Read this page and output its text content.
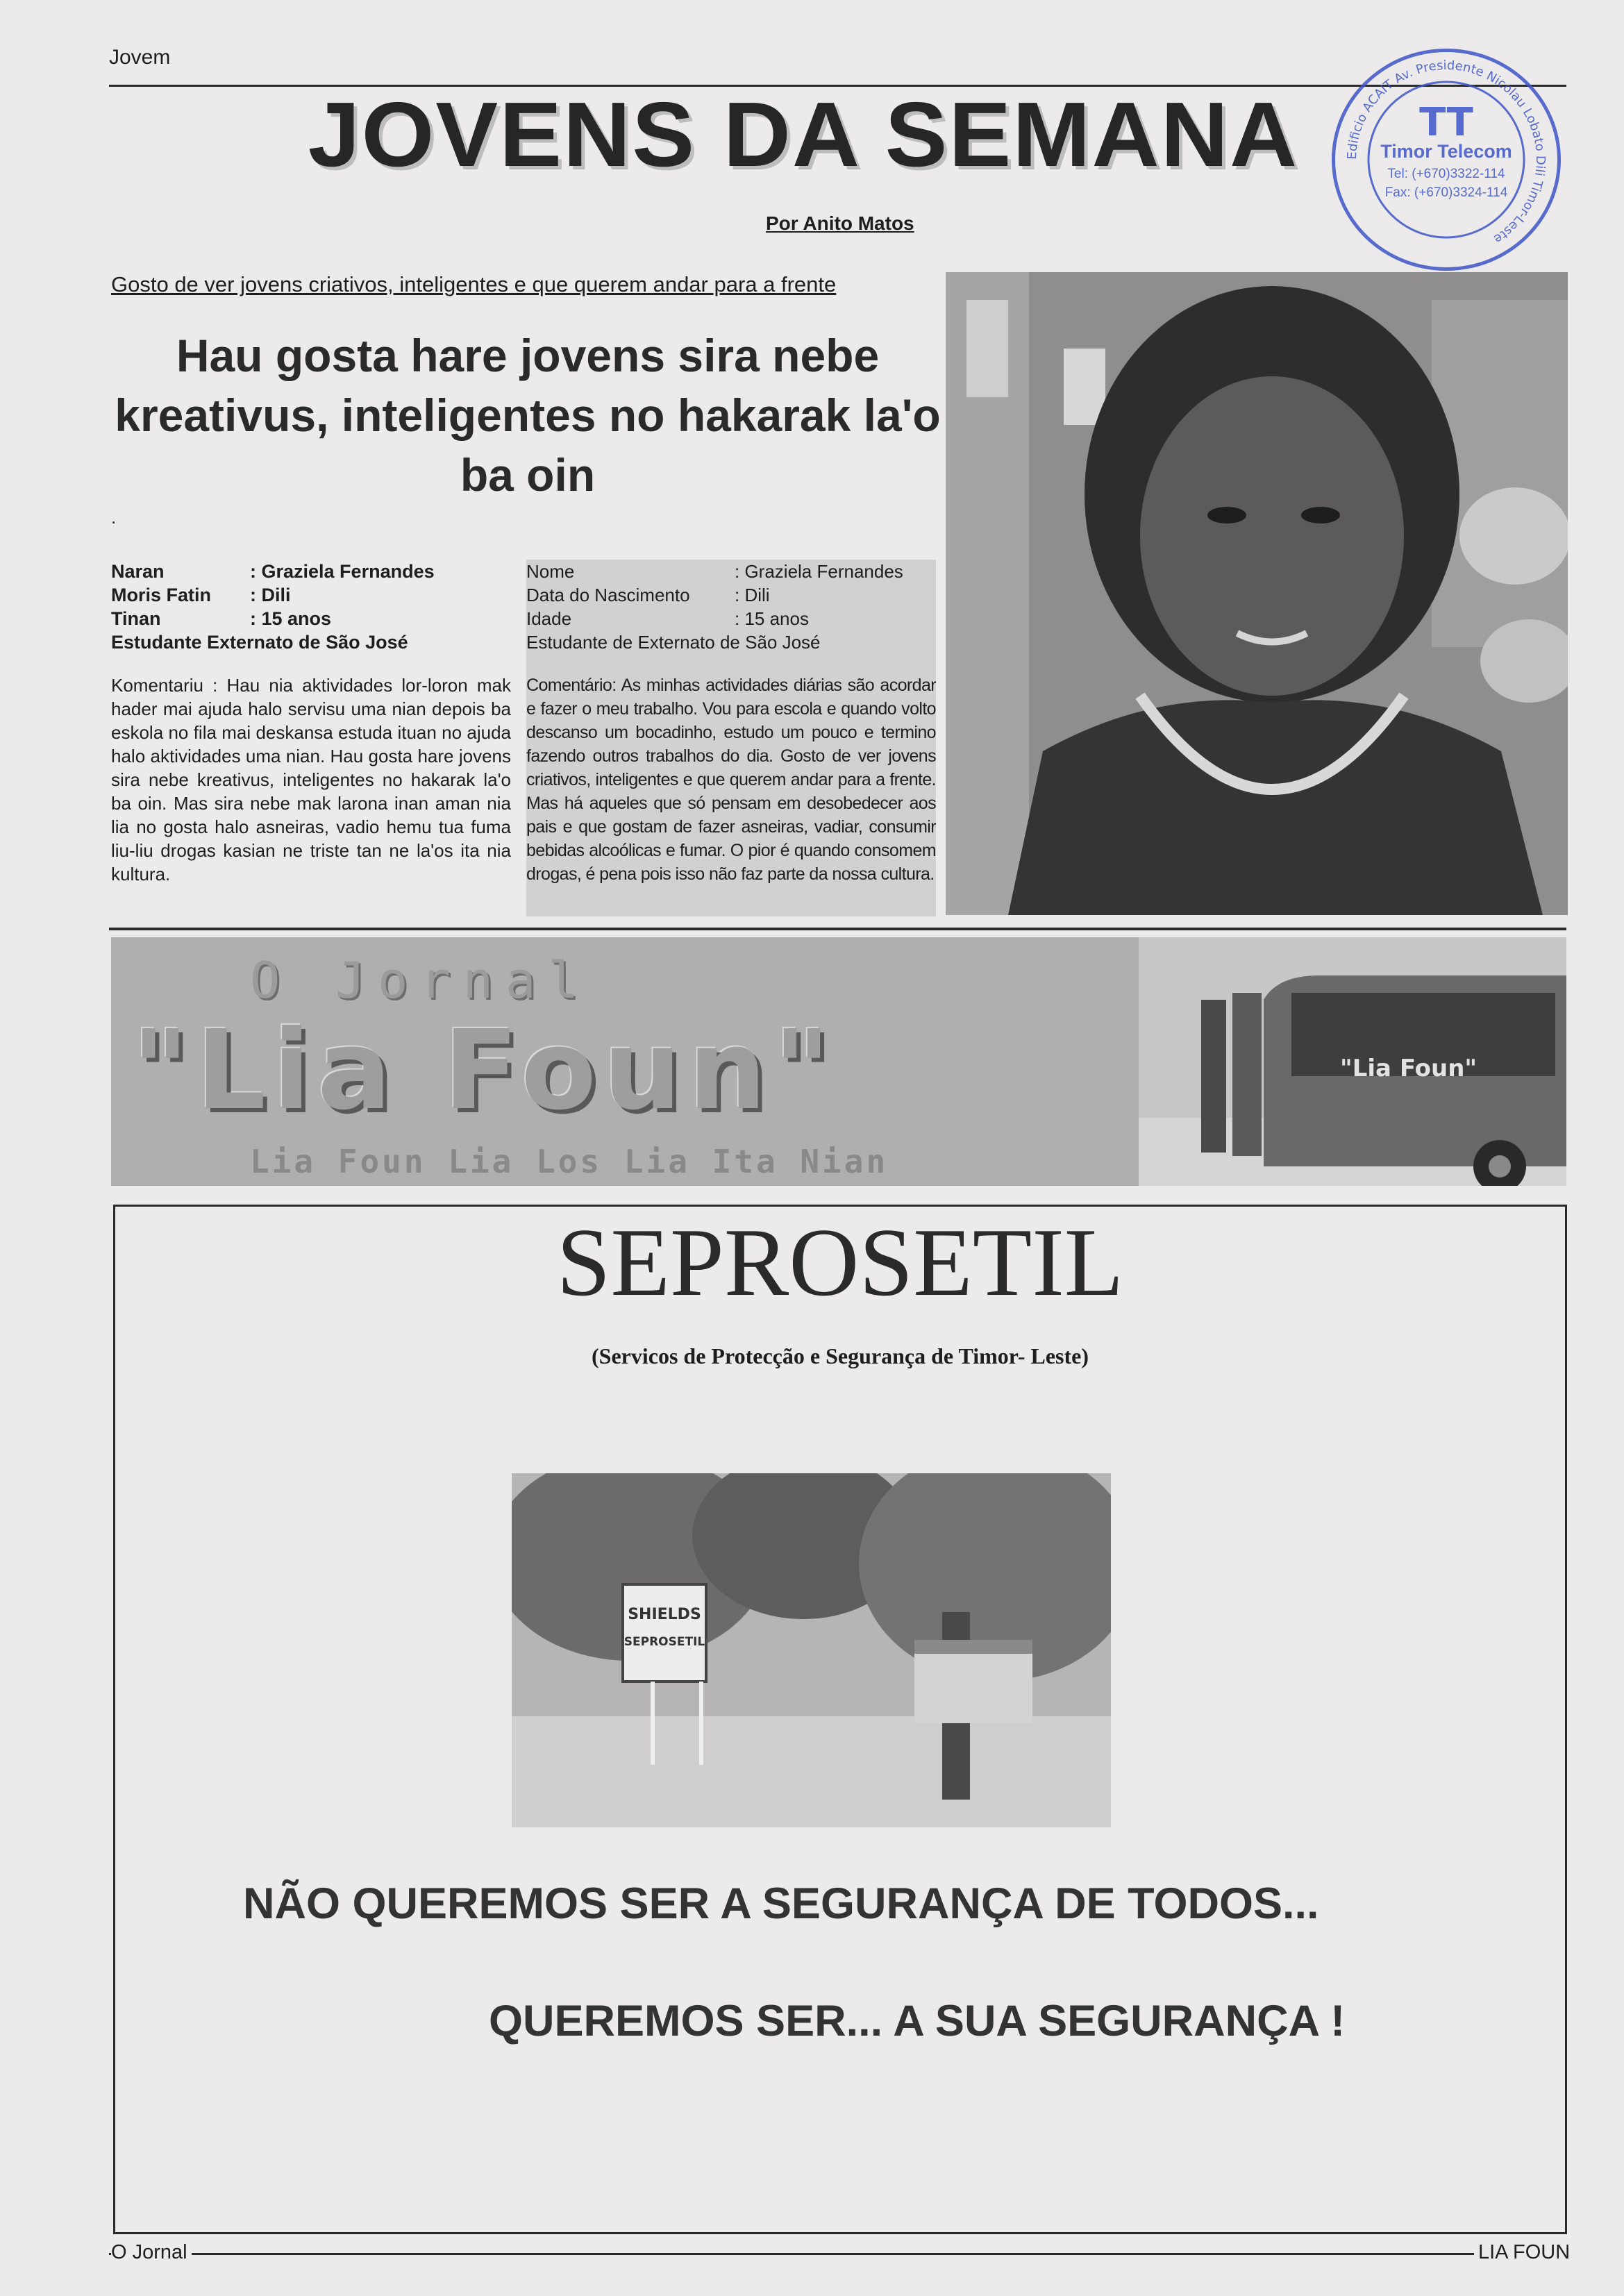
Jovem
JOVENS DA SEMANA
Por Anito Matos
Edificio ACAIT Av. Presidente Nicolau Lobato Dili Timor-Leste
TT
Timor Telecom
Tel: (+670)3322-114
Fax: (+670)3324-114
Gosto de ver jovens criativos, inteligentes e que querem andar para a frente
Hau gosta hare jovens sira nebe kreativus, inteligentes no hakarak la'o ba oin
.
Naran	: Graziela Fernandes
Moris Fatin	: Dili
Tinan	: 15 anos
Estudante Externato de São José
Nome	: Graziela Fernandes
Data do Nascimento	: Dili
Idade	: 15 anos
Estudante de Externato de São José
Komentariu : Hau nia aktividades lor-loron mak hader mai ajuda halo servisu uma nian depois ba eskola no fila mai deskansa estuda ituan no ajuda halo aktividades uma nian. Hau gosta hare jovens sira nebe kreativus, inteligentes no hakarak la'o ba oin. Mas sira nebe mak larona inan aman nia lia no gosta halo asneiras, vadio hemu tua fuma liu-liu drogas kasian ne triste tan ne la'os ita nia kultura.
Comentário: As minhas actividades diárias são acordar e fazer o meu trabalho. Vou para escola e quando volto descanso um bocadinho, estudo um pouco e termino fazendo outros trabalhos do dia. Gosto de ver jovens criativos, inteligentes e que querem andar para a frente. Mas há aqueles que só pensam em desobedecer aos pais e que gostam de fazer asneiras, vadiar, consumir bebidas alcoólicas e fumar. O pior é quando consomem drogas, é pena pois isso não faz parte da nossa cultura.
O Jornal
"Lia Foun"
Lia Foun Lia Los Lia Ita Nian
"Lia Foun"
SEPROSETIL
(Servicos de Protecção e Segurança de Timor- Leste)
SHIELDS
SEPROSETIL
NÃO QUEREMOS SER A SEGURANÇA DE TODOS...
QUEREMOS SER... A SUA SEGURANÇA !
O Jornal	LIA FOUN
